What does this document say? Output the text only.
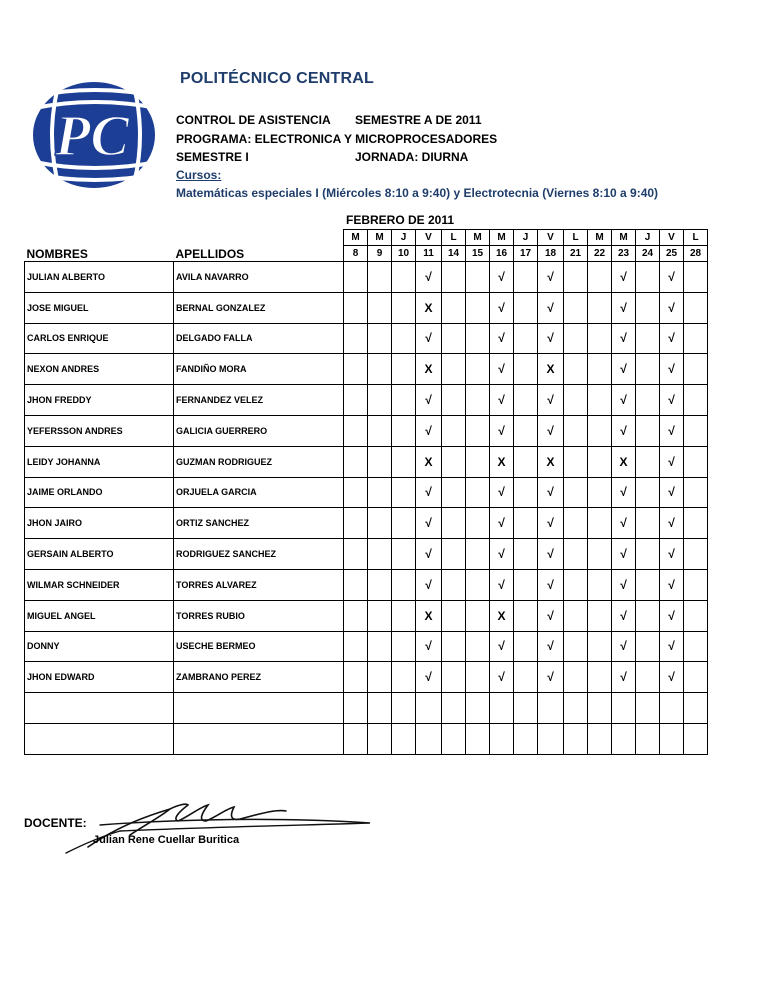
PC
POLITÉCNICO CENTRAL
CONTROL DE ASISTENCIA SEMESTRE A DE 2011
PROGRAMA: ELECTRONICA Y MICROPROCESADORES
SEMESTRE I	JORNADA: DIURNA
Cursos:
Matemáticas especiales I (Miércoles 8:10 a 9:40) y Electrotecnia (Viernes 8:10 a 9:40)
FEBRERO DE 2011
		M	M	J	V	L	M	M	J	V	L	M	M	J	V	L
NOMBRES	APELLIDOS	8	9	10	11	14	15	16	17	18	21	22	23	24	25	28
JULIAN ALBERTO	AVILA NAVARRO				√			√		√			√		√	
JOSE MIGUEL	BERNAL GONZALEZ				X			√		√			√		√	
CARLOS ENRIQUE	DELGADO FALLA				√			√		√			√		√	
NEXON ANDRES	FANDIÑO MORA				X			√		X			√		√	
JHON FREDDY	FERNANDEZ VELEZ				√			√		√			√		√	
YEFERSSON ANDRES	GALICIA GUERRERO				√			√		√			√		√	
LEIDY JOHANNA	GUZMAN RODRIGUEZ				X			X		X			X		√	
JAIME ORLANDO	ORJUELA GARCIA				√			√		√			√		√	
JHON JAIRO	ORTIZ SANCHEZ				√			√		√			√		√	
GERSAIN ALBERTO	RODRIGUEZ SANCHEZ				√			√		√			√		√	
WILMAR SCHNEIDER	TORRES ALVAREZ				√			√		√			√		√	
MIGUEL ANGEL	TORRES RUBIO				X			X		√			√		√	
DONNY	USECHE BERMEO				√			√		√			√		√	
JHON EDWARD	ZAMBRANO PEREZ				√			√		√			√		√	

DOCENTE:
Julian Rene Cuellar Buritica
